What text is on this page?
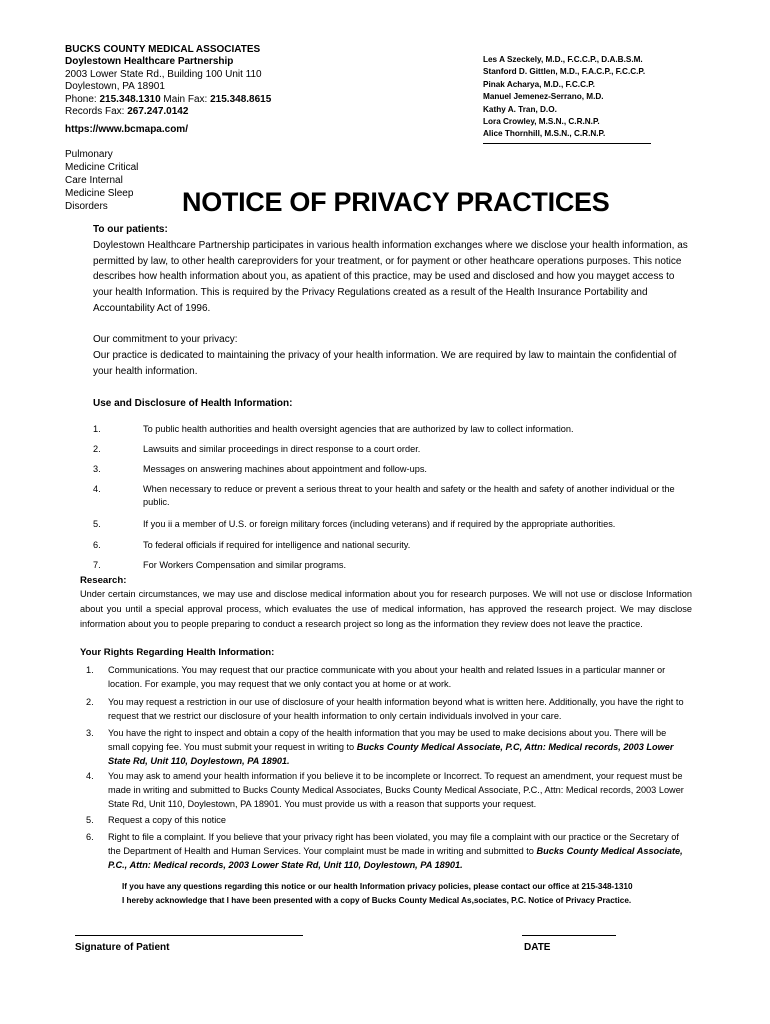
BUCKS COUNTY MEDICAL ASSOCIATES
Doylestown Healthcare Partnership
2003 Lower State Rd., Building 100 Unit 110
Doylestown, PA 18901
Phone: 215.348.1310 Main Fax: 215.348.8615
Records Fax: 267.247.0142
https://www.bcmapa.com/
Les A Szeckely, M.D., F.C.C.P., D.A.B.S.M.
Stanford D. Gittlen, M.D., F.A.C.P., F.C.C.P.
Pinak Acharya, M.D., F.C.C.P.
Manuel Jemenez-Serrano, M.D.
Kathy A. Tran, D.O.
Lora Crowley, M.S.N., C.R.N.P.
Alice Thornhill, M.S.N., C.R.N.P.
Pulmonary
Medicine Critical
Care Internal
Medicine Sleep
Disorders	NOTICE OF PRIVACY PRACTICES
To our patients:
Doylestown Healthcare Partnership participates in various health information exchanges where we disclose your health information, as permitted by law, to other health careproviders for your treatment, or for payment or other heathcare operations purposes. This notice describes how health information about you, as apatient of this practice, may be used and disclosed and how you mayget access to your health Information. This is required by the Privacy Regulations created as a result of the Health Insurance Portability and Accountability Act of 1996.
Our commitment to your privacy:
Our practice is dedicated to maintaining the privacy of your health information. We are required by law to maintain the confidential of your health information.
Use and Disclosure of Health Information:
1.	To public health authorities and health oversight agencies that are authorized by law to collect information.
2.	Lawsuits and similar proceedings in direct response to a court order.
3.	Messages on answering machines about appointment and follow-ups.
4.	When necessary to reduce or prevent a serious threat to your health and safety or the health and safety of another individual or the public.
5.	If you ii a member of U.S. or foreign military forces (including veterans) and if required by the appropriate authorities.
6.	To federal officials if required for intelligence and national security.
7.	For Workers Compensation and similar programs.
Research:
Under certain circumstances, we may use and disclose medical information about you for research purposes. We will not use or disclose Information about you until a special approval process, which evaluates the use of medical information, has approved the research project. We may disclose information about you to people preparing to conduct a research project so long as the information they review does not leave the practice.
Your Rights Regarding Health Information:
1. Communications. You may request that our practice communicate with you about your health and related Issues in a particular manner or location. For example, you may request that we only contact you at home or at work.
2. You may request a restriction in our use of disclosure of your health information beyond what is written here. Additionally, you have the right to request that we restrict our disclosure of your health information to only certain individuals involved in your care.
3. You have the right to inspect and obtain a copy of the health information that you may be used to make decisions about you. There will be small copying fee. You must submit your request in writing to Bucks County Medical Associate, P.C, Attn: Medical records, 2003 Lower State Rd, Unit 110, Doylestown, PA 18901.
4. You may ask to amend your health information if you believe it to be incomplete or Incorrect. To request an amendment, your request must be made in writing and submitted to Bucks County Medical Associates, Bucks County Medical Associate, P.C., Attn: Medical records, 2003 Lower State Rd, Unit 110, Doylestown, PA 18901. You must provide us with a reason that supports your request.
5. Request a copy of this notice
6. Right to file a complaint. If you believe that your privacy right has been violated, you may file a complaint with our practice or the Secretary of the Department of Health and Human Services. Your complaint must be made in writing and submitted to Bucks County Medical Associate, P.C., Attn: Medical records, 2003 Lower State Rd, Unit 110, Doylestown, PA 18901.
If you have any questions regarding this notice or our health Information privacy policies, please contact our office at 215-348-1310
I hereby acknowledge that I have been presented with a copy of Bucks County Medical As,sociates, P.C. Notice of Privacy Practice.
Signature of Patient	DATE
